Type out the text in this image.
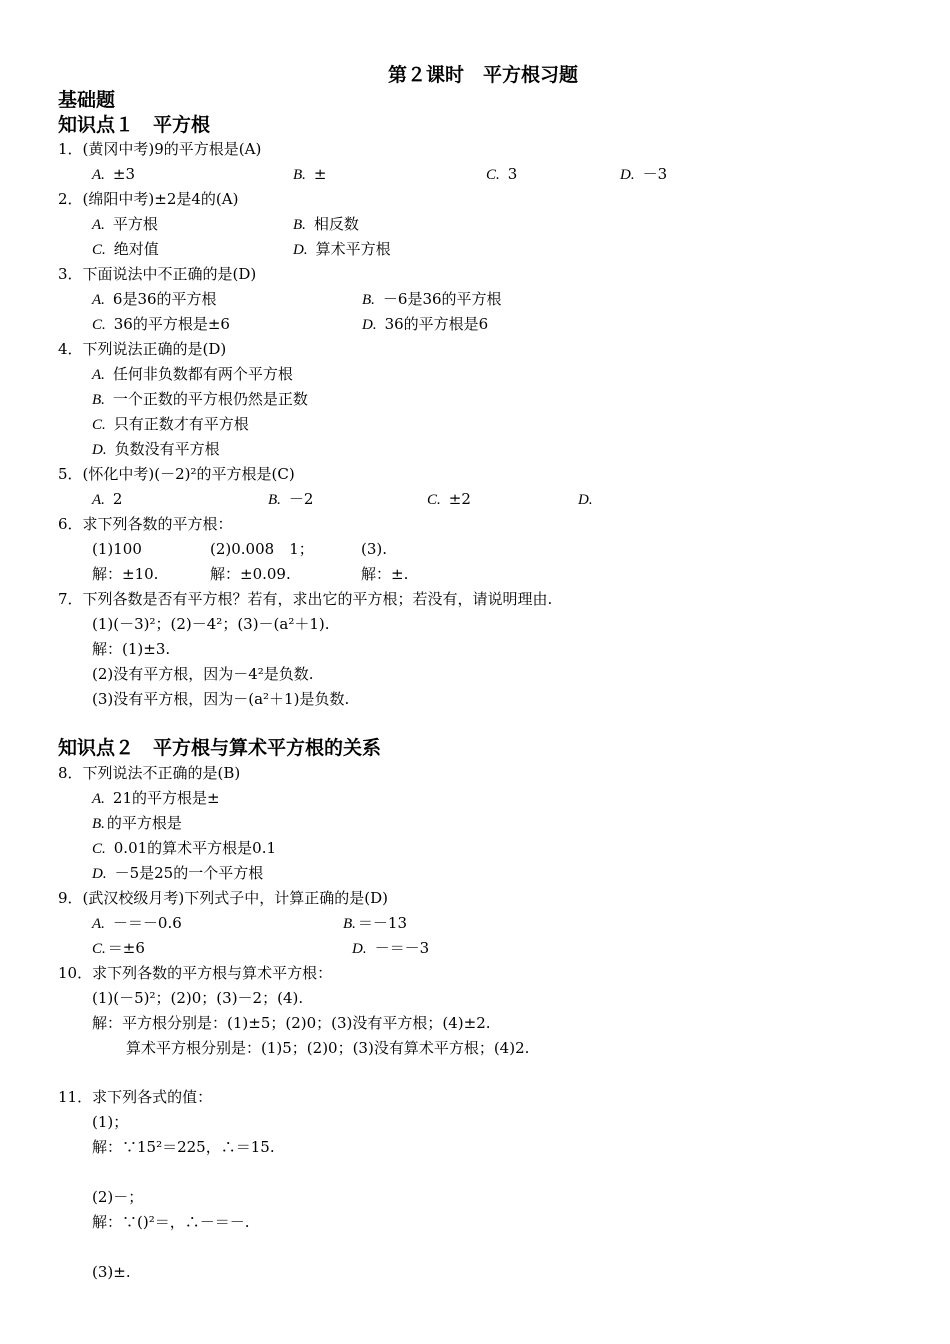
第２课时　平方根习题
基础题
知识点１　平方根
1．(黄冈中考)9的平方根是(A)
A. ±3	B. ±	C. 3	D. －3
2．(绵阳中考)±2是4的(A)
A. 平方根	B. 相反数
C. 绝对值	D. 算术平方根
3．下面说法中不正确的是(D)
A. 6是36的平方根	B. －6是36的平方根
C. 36的平方根是±6	D. 36的平方根是6
4．下列说法正确的是(D)
A. 任何非负数都有两个平方根
B. 一个正数的平方根仍然是正数
C. 只有正数才有平方根
D. 负数没有平方根
5．(怀化中考)(－2)²的平方根是(C)
A. 2	B. －2	C. ±2	D.
6．求下列各数的平方根：
(1)100	(2)0.008　1；	(3).
解：±10.	解：±0.09.	解：±.
7．下列各数是否有平方根？若有，求出它的平方根；若没有，请说明理由.
(1)(－3)²；(2)－4²；(3)－(a²＋1).
解：(1)±3.
(2)没有平方根，因为－4²是负数.
(3)没有平方根，因为－(a²＋1)是负数.
知识点２　平方根与算术平方根的关系
8．下列说法不正确的是(B)
A. 21的平方根是±
B. 的平方根是
C. 0.01的算术平方根是0.1
D. －5是25的一个平方根
9．(武汉校级月考)下列式子中，计算正确的是(D)
A. －＝－0.6	B. ＝－13
C. ＝±6	D. －＝－3
10．求下列各数的平方根与算术平方根：
(1)(－5)²；(2)0；(3)－2；(4).
解：平方根分别是：(1)±5；(2)0；(3)没有平方根；(4)±2.
算术平方根分别是：(1)5；(2)0；(3)没有算术平方根；(4)2.
11．求下列各式的值：
(1)；
解：∵15²＝225，∴＝15.
(2)－；
解：∵()²＝，∴－＝－.
(3)±.
